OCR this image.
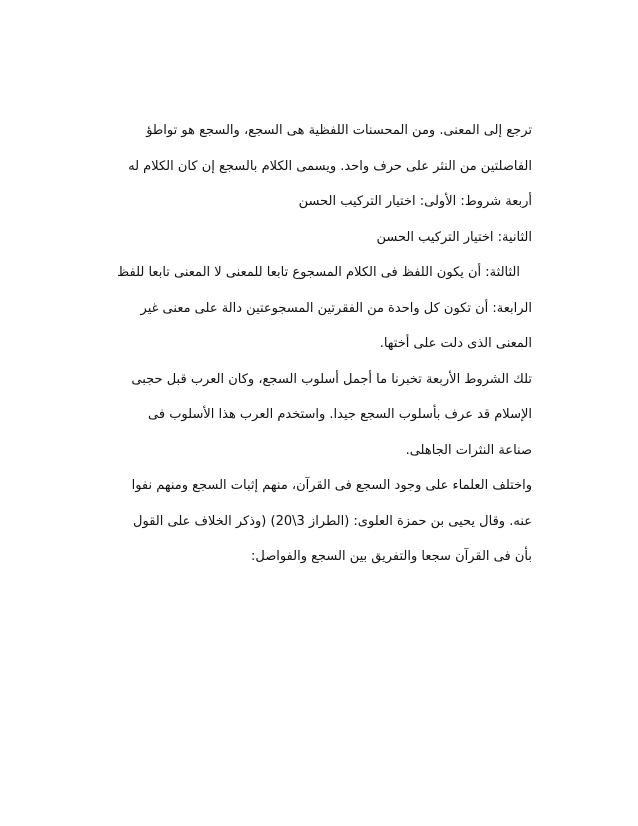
ترجع إلى المعنى. ومن المحسنات اللفظية هى السجع، والسجع هو تواطؤ
الفاصلتين من النثر على حرف واحد. ويسمى الكلام بالسجع إن كان الكلام له
أربعة شروط: الأولى: اختيار التركيب الحسن
الثانية: اختيار التركيب الحسن
الثالثة: أن يكون اللفظ فى الكلام المسجوع تابعا للمعنى لا المعنى تابعا للفظ
الرابعة: أن تكون كل واحدة من الفقرتين المسجوعتين دالة على معنى غير
المعنى الذى دلت على أختها.
تلك الشروط الأربعة تخبرنا ما أجمل أسلوب السجع، وكان العرب قبل حجبى
الإسلام قد عرف بأسلوب السجع جيدا. واستخدم العرب هذا الأسلوب فى
صناعة النثرات الجاهلى.
واختلف العلماء على وجود السجع فى القرآن، منهم إثبات السجع ومنهم نفوا
عنه. وقال يحيى بن حمزة العلوى: (الطراز 3\20) (وذكر الخلاف على القول
بأن فى القرآن سجعا والتفريق بين السجع والفواصل:
